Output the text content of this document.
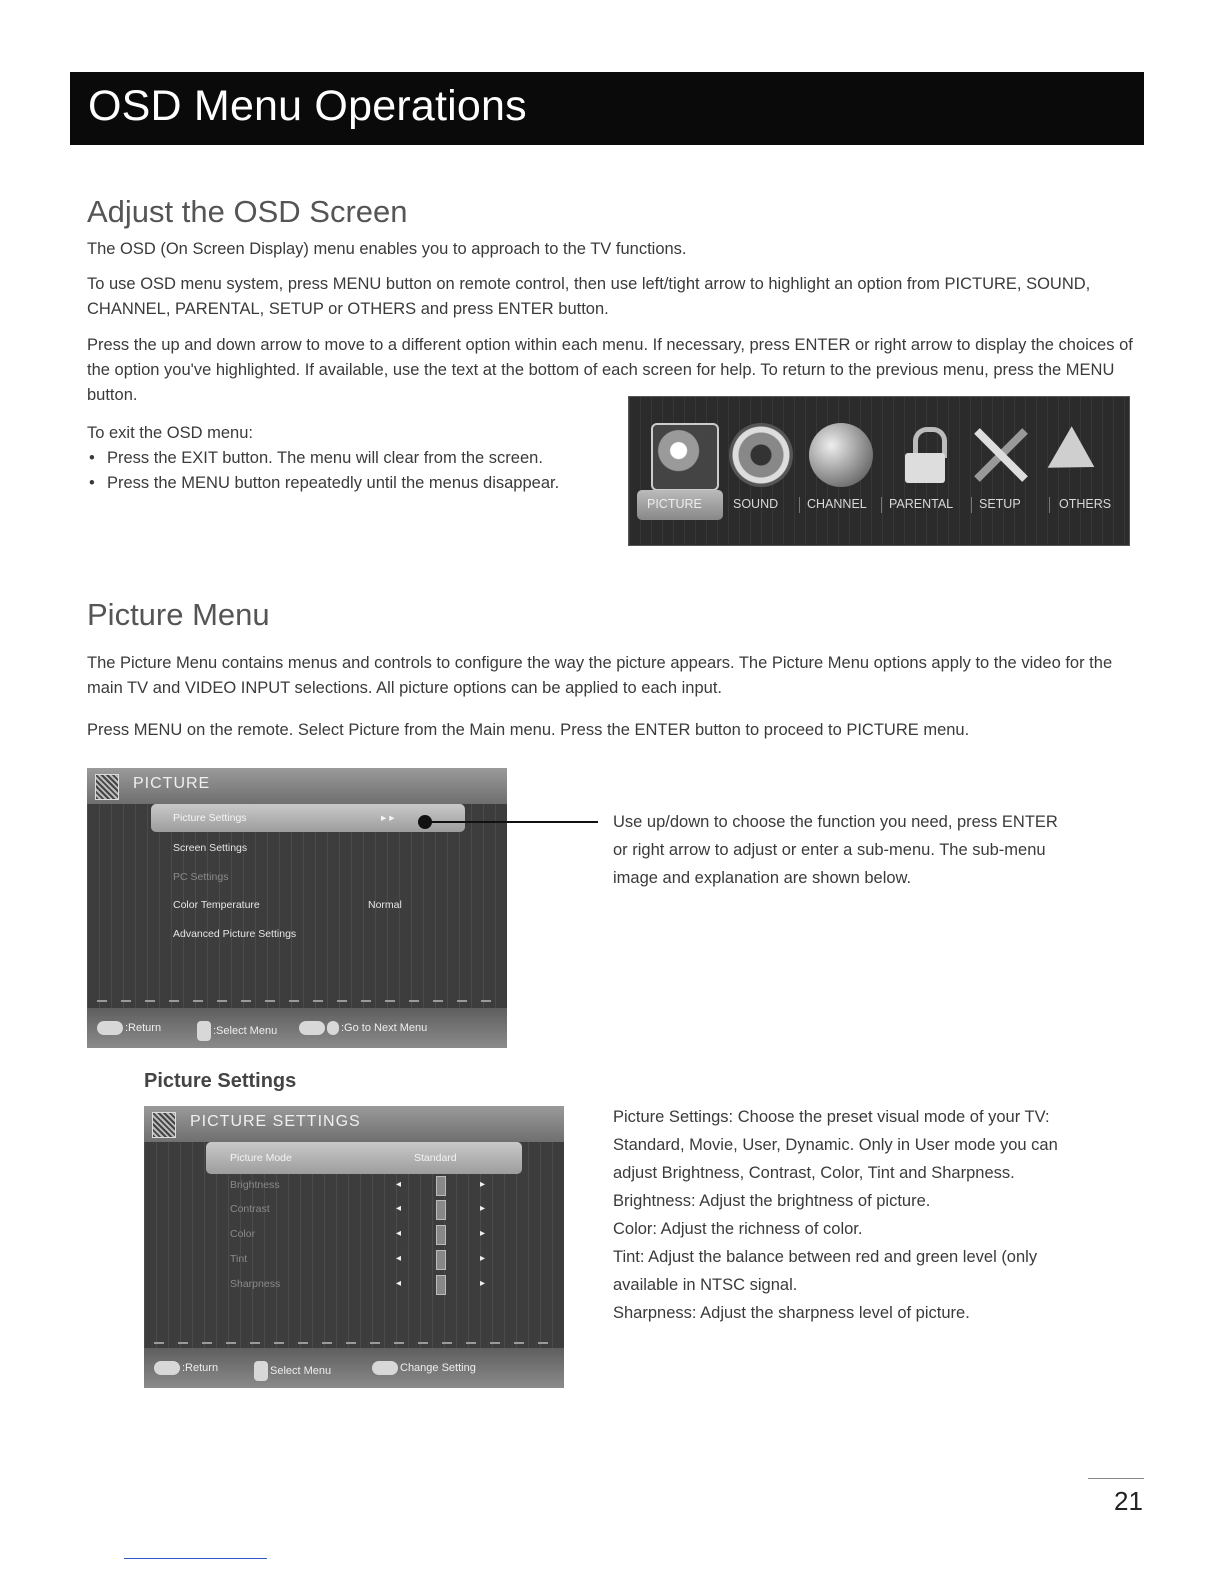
OSD Menu Operations
Adjust the OSD Screen

The OSD (On Screen Display) menu enables you to approach to the TV functions.

To use OSD menu system, press MENU button on remote control, then use left/tight arrow to highlight an option from PICTURE, SOUND, CHANNEL, PARENTAL, SETUP or OTHERS and press ENTER button.

Press the up and down arrow to move to a different option within each menu. If necessary, press ENTER or right arrow to display the choices of the option you've highlighted. If available, use the text at the bottom of each screen for help. To return to the previous menu, press the MENU button.

To exit the OSD menu:

• Press the EXIT button. The menu will clear from the screen.
• Press the MENU button repeatedly until the menus disappear.
PICTURE SOUND CHANNEL PARENTAL SETUP	OTHERS
Picture Menu

The Picture Menu contains menus and controls to configure the way the picture appears. The Picture Menu options apply to the video for the main TV and VIDEO INPUT selections. All picture options can be applied to each input.

Press MENU on the remote. Select Picture from the Main menu. Press the ENTER button to proceed to PICTURE menu.

PICTURE
Picture Settings	▸ ▸
Screen Settings
PC Settings
Color Temperature	Normal
Advanced Picture Settings
:Return	:Select Menu	:Go to Next Menu

Use up/down to choose the function you need, press ENTER or right arrow to adjust or enter a sub-menu. The sub-menu image and explanation are shown below.

Picture Settings
PICTURE SETTINGS
Picture Mode	Standard
Brightness	◂	▸
Contrast	◂	▸
Color	◂	▸
Tint	◂	▸
Sharpness	◂	▸
:Return	Select Menu	Change Setting

Picture Settings: Choose the preset visual mode of your TV:
Standard, Movie, User, Dynamic. Only in User mode you can
adjust Brightness, Contrast, Color, Tint and Sharpness.
Brightness: Adjust the brightness of picture.
Color: Adjust the richness of color.
Tint: Adjust the balance between red and green level (only
available in NTSC signal.
Sharpness: Adjust the sharpness level of picture.

21
